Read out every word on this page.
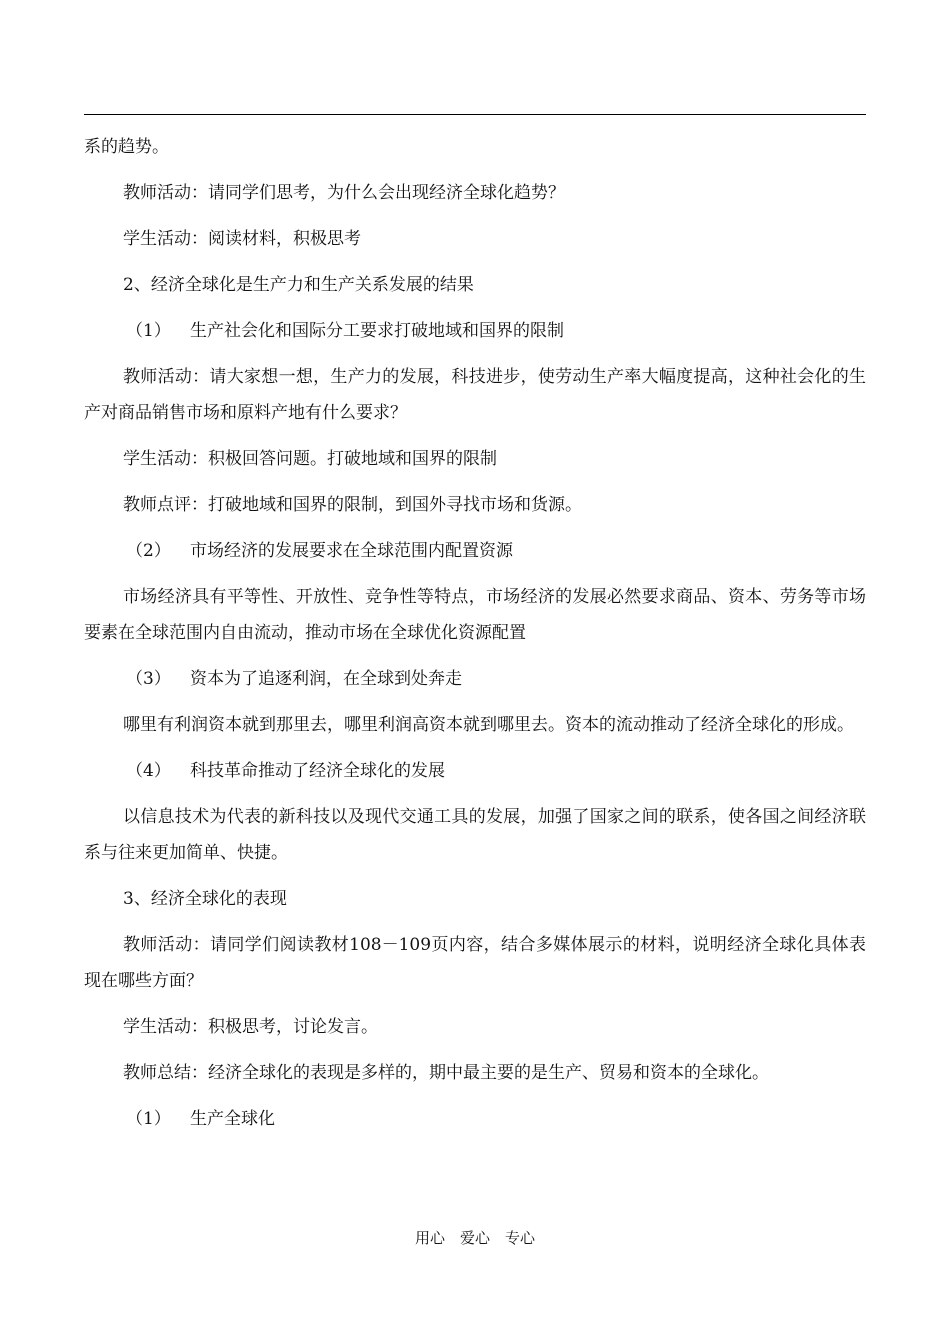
系的趋势。

教师活动：请同学们思考，为什么会出现经济全球化趋势？

学生活动：阅读材料，积极思考

2、经济全球化是生产力和生产关系发展的结果

（1） 生产社会化和国际分工要求打破地域和国界的限制

教师活动：请大家想一想，生产力的发展，科技进步，使劳动生产率大幅度提高，这种社会化的生产对商品销售市场和原料产地有什么要求？

学生活动：积极回答问题。打破地域和国界的限制

教师点评：打破地域和国界的限制，到国外寻找市场和货源。

（2） 市场经济的发展要求在全球范围内配置资源

市场经济具有平等性、开放性、竞争性等特点，市场经济的发展必然要求商品、资本、劳务等市场要素在全球范围内自由流动，推动市场在全球优化资源配置

（3） 资本为了追逐利润，在全球到处奔走

哪里有利润资本就到那里去，哪里利润高资本就到哪里去。资本的流动推动了经济全球化的形成。

（4） 科技革命推动了经济全球化的发展

以信息技术为代表的新科技以及现代交通工具的发展，加强了国家之间的联系，使各国之间经济联系与往来更加简单、快捷。

3、经济全球化的表现

教师活动：请同学们阅读教材108－109页内容，结合多媒体展示的材料，说明经济全球化具体表现在哪些方面？

学生活动：积极思考，讨论发言。

教师总结：经济全球化的表现是多样的，期中最主要的是生产、贸易和资本的全球化。

（1） 生产全球化

用心　爱心　专心
